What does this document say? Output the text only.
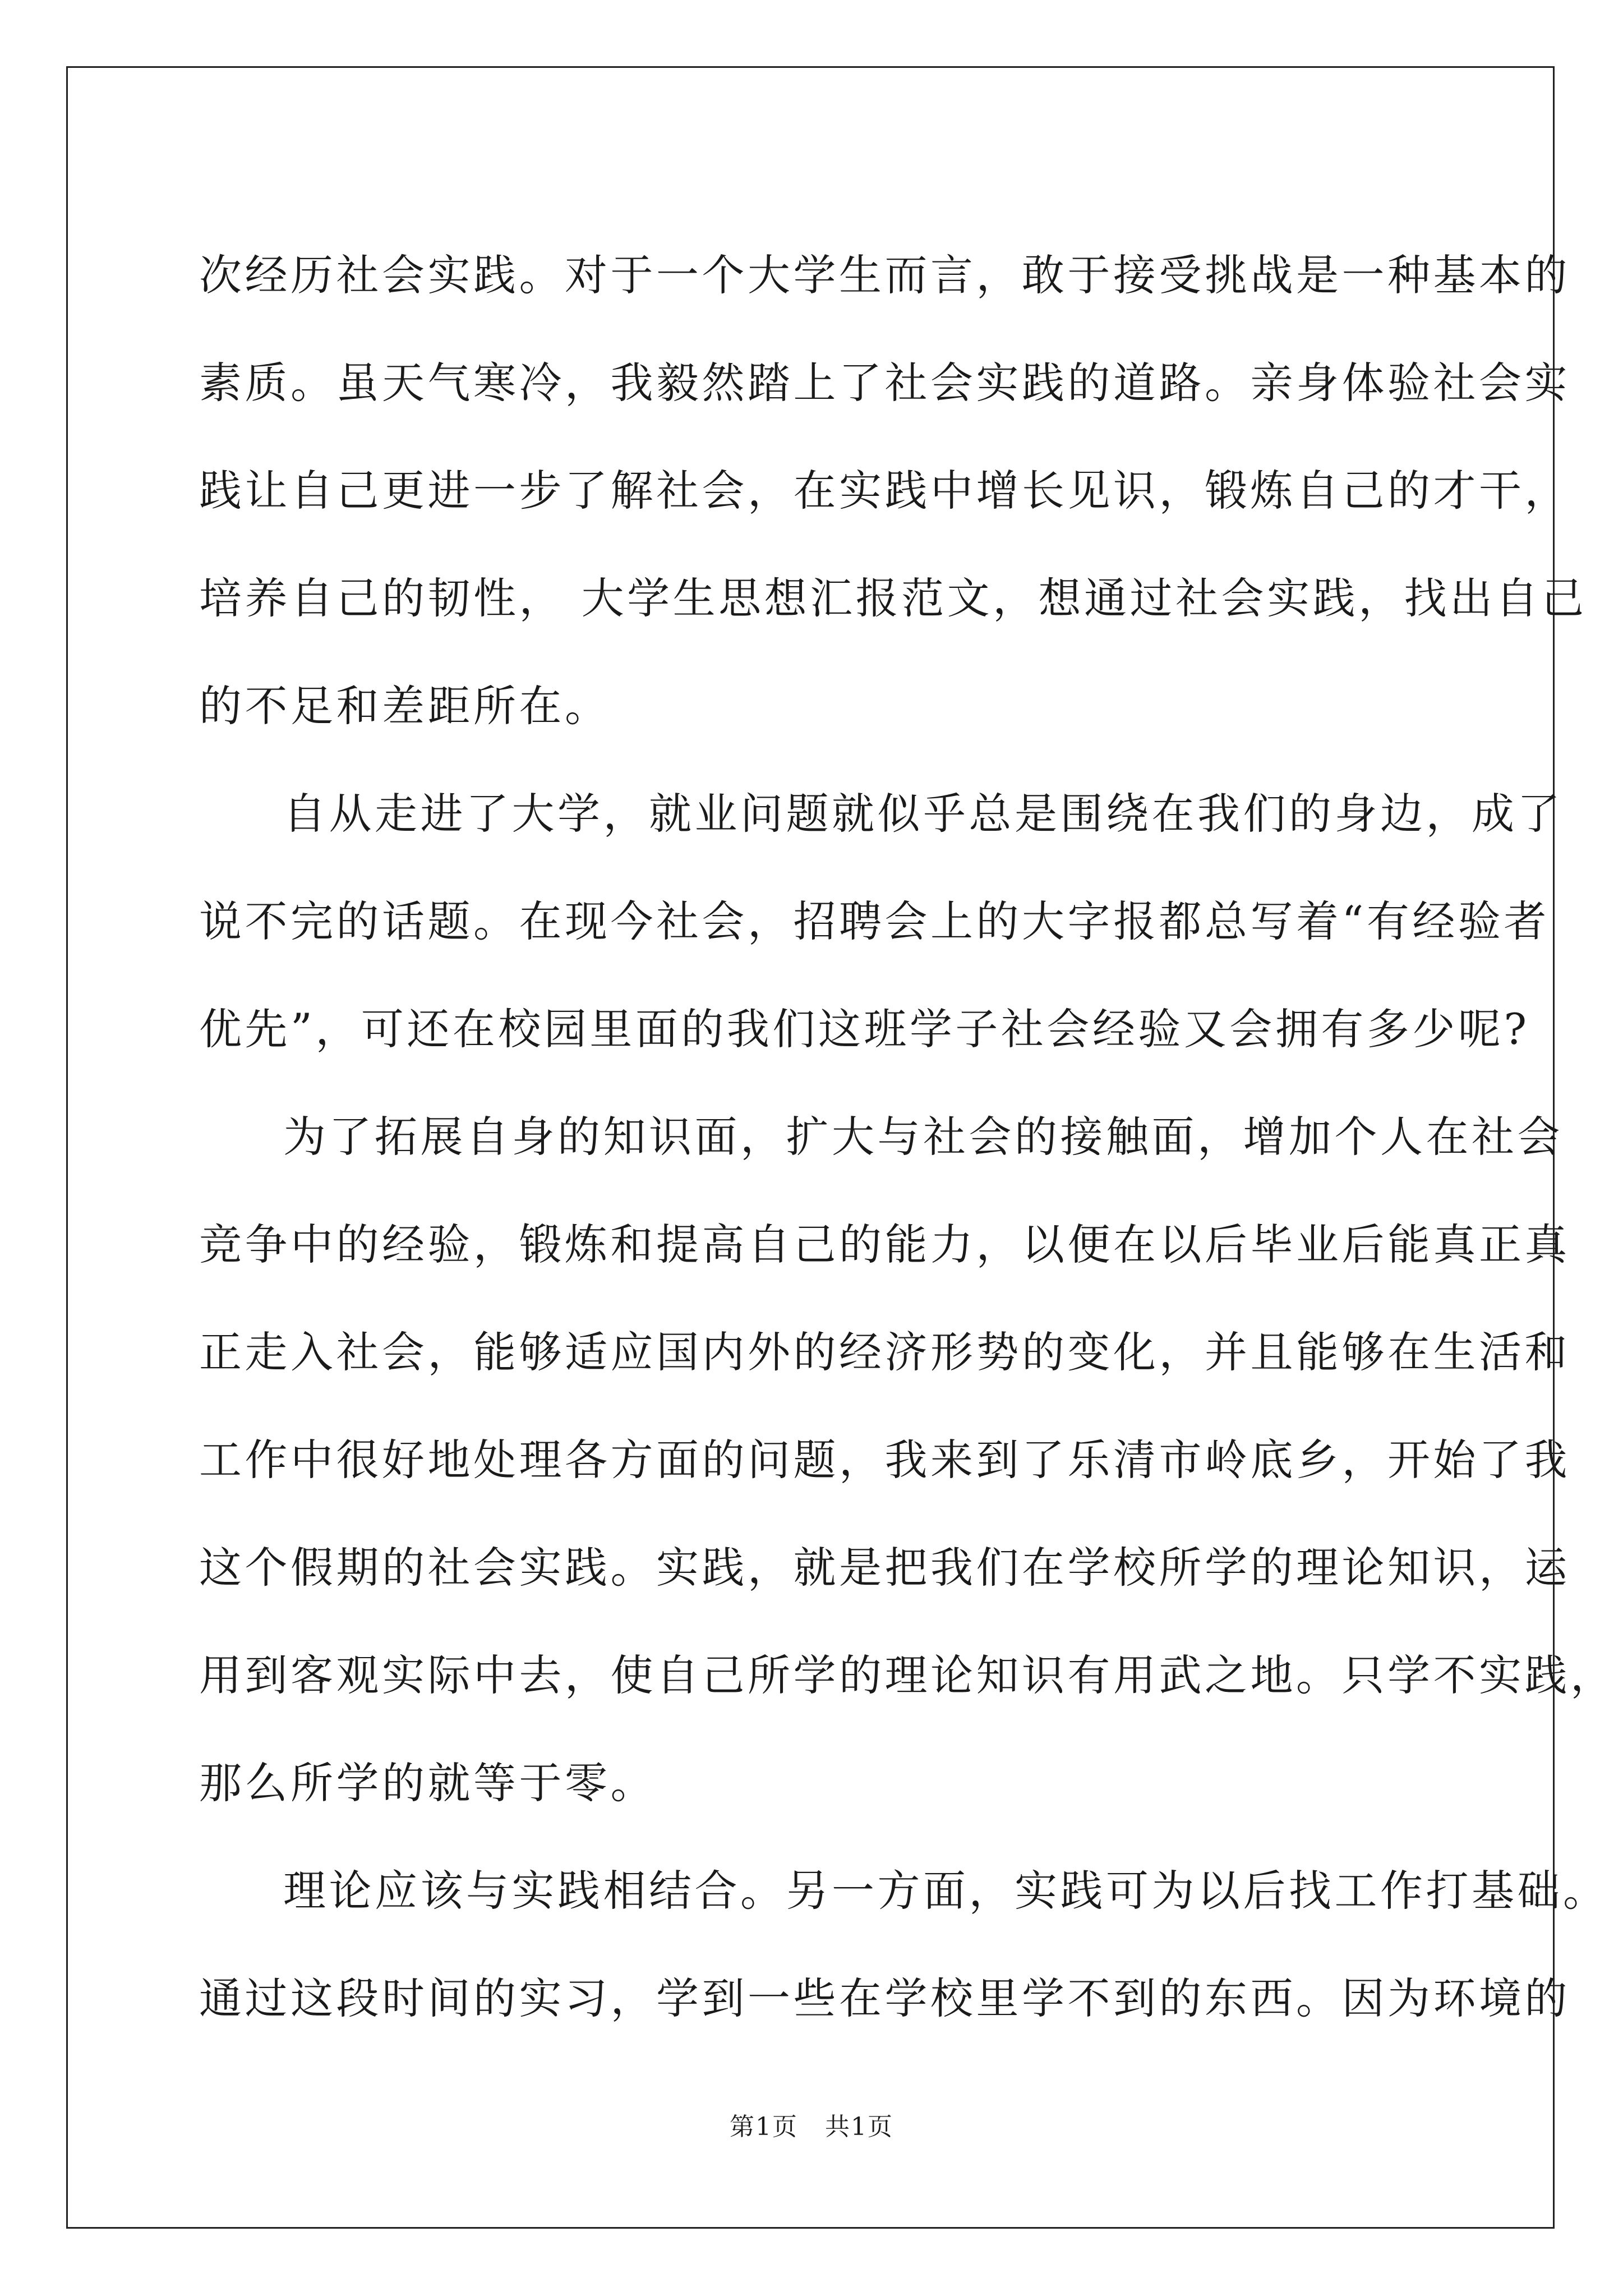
次经历社会实践。对于一个大学生而言，敢于接受挑战是一种基本的
素质。虽天气寒冷，我毅然踏上了社会实践的道路。亲身体验社会实
践让自己更进一步了解社会，在实践中增长见识，锻炼自己的才干，
培养自己的韧性， 大学生思想汇报范文，想通过社会实践，找出自己
的不足和差距所在。
自从走进了大学，就业问题就似乎总是围绕在我们的身边，成了
说不完的话题。在现今社会，招聘会上的大字报都总写着“有经验者
优先”，可还在校园里面的我们这班学子社会经验又会拥有多少呢?
为了拓展自身的知识面，扩大与社会的接触面，增加个人在社会
竞争中的经验，锻炼和提高自己的能力，以便在以后毕业后能真正真
正走入社会，能够适应国内外的经济形势的变化，并且能够在生活和
工作中很好地处理各方面的问题，我来到了乐清市岭底乡，开始了我
这个假期的社会实践。实践，就是把我们在学校所学的理论知识，运
用到客观实际中去，使自己所学的理论知识有用武之地。只学不实践，
那么所学的就等于零。
理论应该与实践相结合。另一方面，实践可为以后找工作打基础。
通过这段时间的实习，学到一些在学校里学不到的东西。因为环境的
第1页   共1页
